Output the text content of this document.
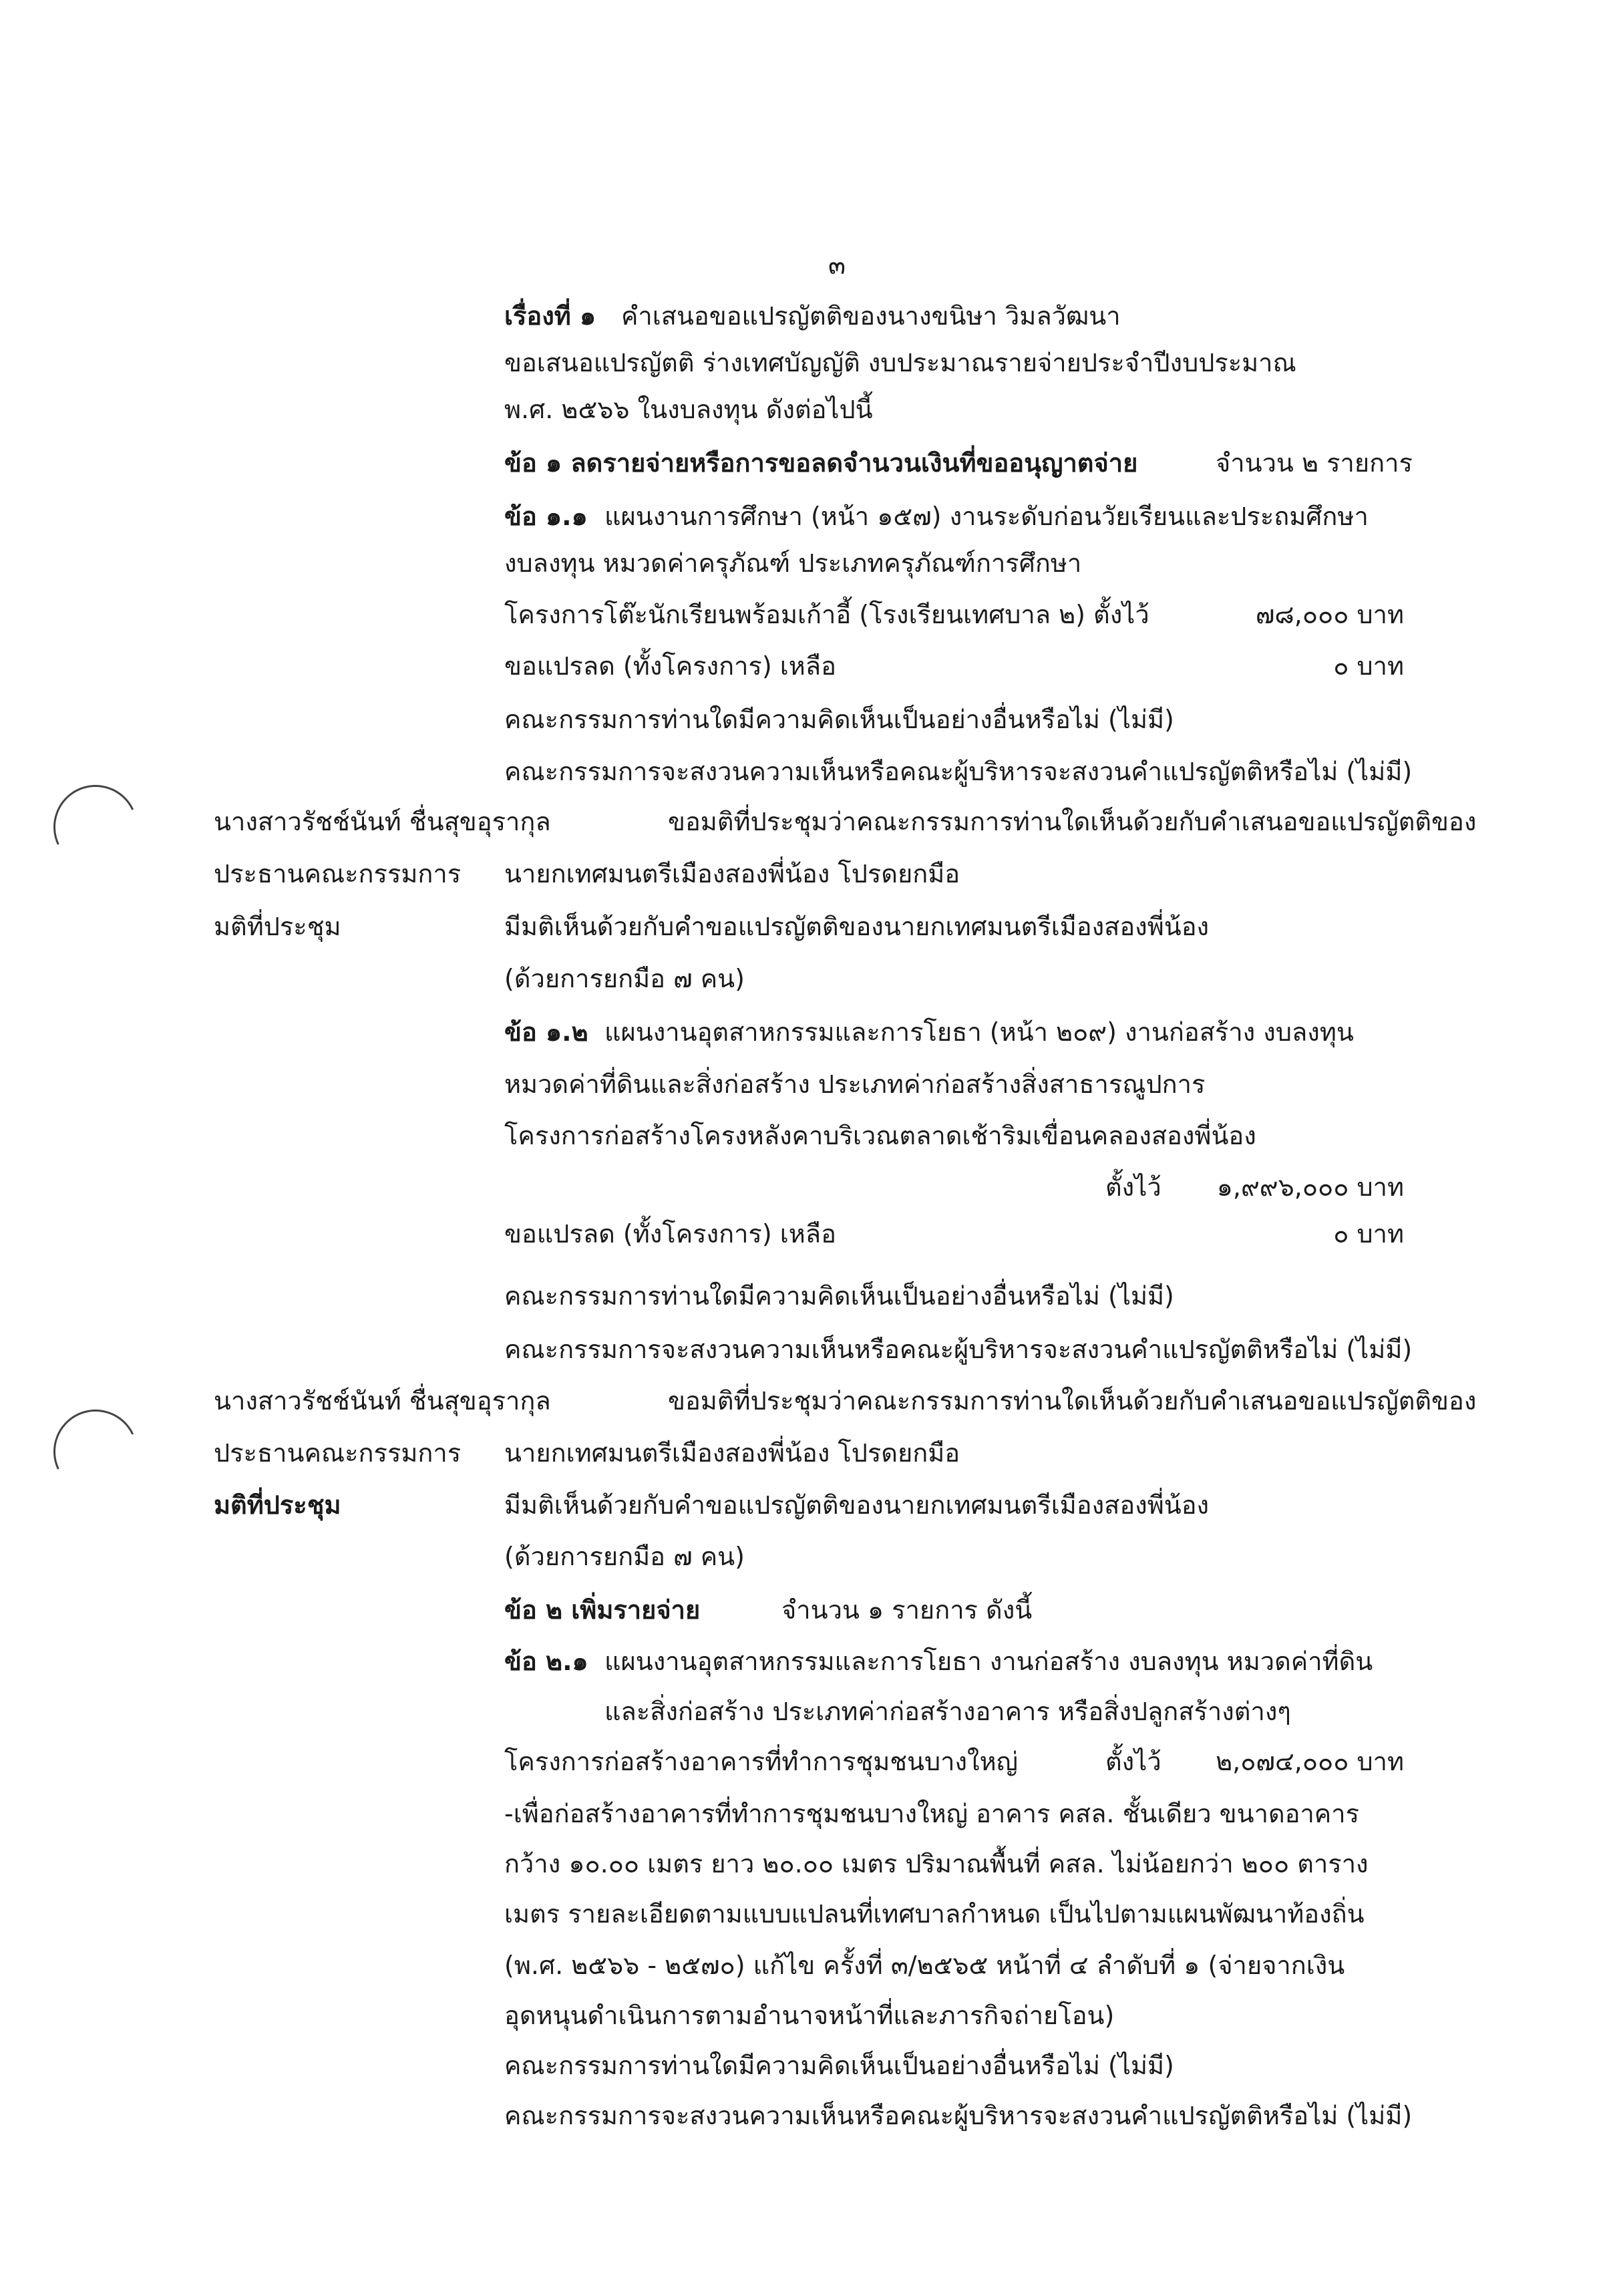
๓
เรื่องที่ ๑ คำเสนอขอแปรญัตติของนางขนิษา วิมลวัฒนา
ขอเสนอแปรญัตติ ร่างเทศบัญญัติ งบประมาณรายจ่ายประจำปีงบประมาณ
พ.ศ. ๒๕๖๖ ในงบลงทุน ดังต่อไปนี้
ข้อ ๑ ลดรายจ่ายหรือการขอลดจำนวนเงินที่ขออนุญาตจ่าย	จำนวน ๒ รายการ
ข้อ ๑.๑ แผนงานการศึกษา (หน้า ๑๕๗) งานระดับก่อนวัยเรียนและประถมศึกษา
งบลงทุน หมวดค่าครุภัณฑ์ ประเภทครุภัณฑ์การศึกษา
โครงการโต๊ะนักเรียนพร้อมเก้าอี้ (โรงเรียนเทศบาล ๒) ตั้งไว้	๗๘,๐๐๐ บาท
ขอแปรลด (ทั้งโครงการ) เหลือ	๐ บาท
คณะกรรมการท่านใดมีความคิดเห็นเป็นอย่างอื่นหรือไม่ (ไม่มี)
คณะกรรมการจะสงวนความเห็นหรือคณะผู้บริหารจะสงวนคำแปรญัตติหรือไม่ (ไม่มี)
นางสาวรัชช์นันท์ ชื่นสุขอุรากุล	ขอมติที่ประชุมว่าคณะกรรมการท่านใดเห็นด้วยกับคำเสนอขอแปรญัตติของ
ประธานคณะกรรมการ นายกเทศมนตรีเมืองสองพี่น้อง โปรดยกมือ
มติที่ประชุม	มีมติเห็นด้วยกับคำขอแปรญัตติของนายกเทศมนตรีเมืองสองพี่น้อง
(ด้วยการยกมือ ๗ คน)
ข้อ ๑.๒ แผนงานอุตสาหกรรมและการโยธา (หน้า ๒๐๙) งานก่อสร้าง งบลงทุน
หมวดค่าที่ดินและสิ่งก่อสร้าง ประเภทค่าก่อสร้างสิ่งสาธารณูปการ
โครงการก่อสร้างโครงหลังคาบริเวณตลาดเช้าริมเขื่อนคลองสองพี่น้อง
ตั้งไว้ ๑,๙๙๖,๐๐๐ บาท
ขอแปรลด (ทั้งโครงการ) เหลือ	๐ บาท
คณะกรรมการท่านใดมีความคิดเห็นเป็นอย่างอื่นหรือไม่ (ไม่มี)
คณะกรรมการจะสงวนความเห็นหรือคณะผู้บริหารจะสงวนคำแปรญัตติหรือไม่ (ไม่มี)
นางสาวรัชช์นันท์ ชื่นสุขอุรากุล	ขอมติที่ประชุมว่าคณะกรรมการท่านใดเห็นด้วยกับคำเสนอขอแปรญัตติของ
ประธานคณะกรรมการ นายกเทศมนตรีเมืองสองพี่น้อง โปรดยกมือ
มติที่ประชุม	มีมติเห็นด้วยกับคำขอแปรญัตติของนายกเทศมนตรีเมืองสองพี่น้อง
(ด้วยการยกมือ ๗ คน)
ข้อ ๒ เพิ่มรายจ่าย	จำนวน ๑ รายการ ดังนี้
ข้อ ๒.๑ แผนงานอุตสาหกรรมและการโยธา งานก่อสร้าง งบลงทุน หมวดค่าที่ดิน
และสิ่งก่อสร้าง ประเภทค่าก่อสร้างอาคาร หรือสิ่งปลูกสร้างต่างๆ
โครงการก่อสร้างอาคารที่ทำการชุมชนบางใหญ่	ตั้งไว้ ๒,๐๗๔,๐๐๐ บาท
-เพื่อก่อสร้างอาคารที่ทำการชุมชนบางใหญ่ อาคาร คสล. ชั้นเดียว ขนาดอาคาร
กว้าง ๑๐.๐๐ เมตร ยาว ๒๐.๐๐ เมตร ปริมาณพื้นที่ คสล. ไม่น้อยกว่า ๒๐๐ ตาราง
เมตร รายละเอียดตามแบบแปลนที่เทศบาลกำหนด เป็นไปตามแผนพัฒนาท้องถิ่น
(พ.ศ. ๒๕๖๖ - ๒๕๗๐) แก้ไข ครั้งที่ ๓/๒๕๖๕ หน้าที่ ๔ ลำดับที่ ๑ (จ่ายจากเงิน
อุดหนุนดำเนินการตามอำนาจหน้าที่และภารกิจถ่ายโอน)
คณะกรรมการท่านใดมีความคิดเห็นเป็นอย่างอื่นหรือไม่ (ไม่มี)
คณะกรรมการจะสงวนความเห็นหรือคณะผู้บริหารจะสงวนคำแปรญัตติหรือไม่ (ไม่มี)
